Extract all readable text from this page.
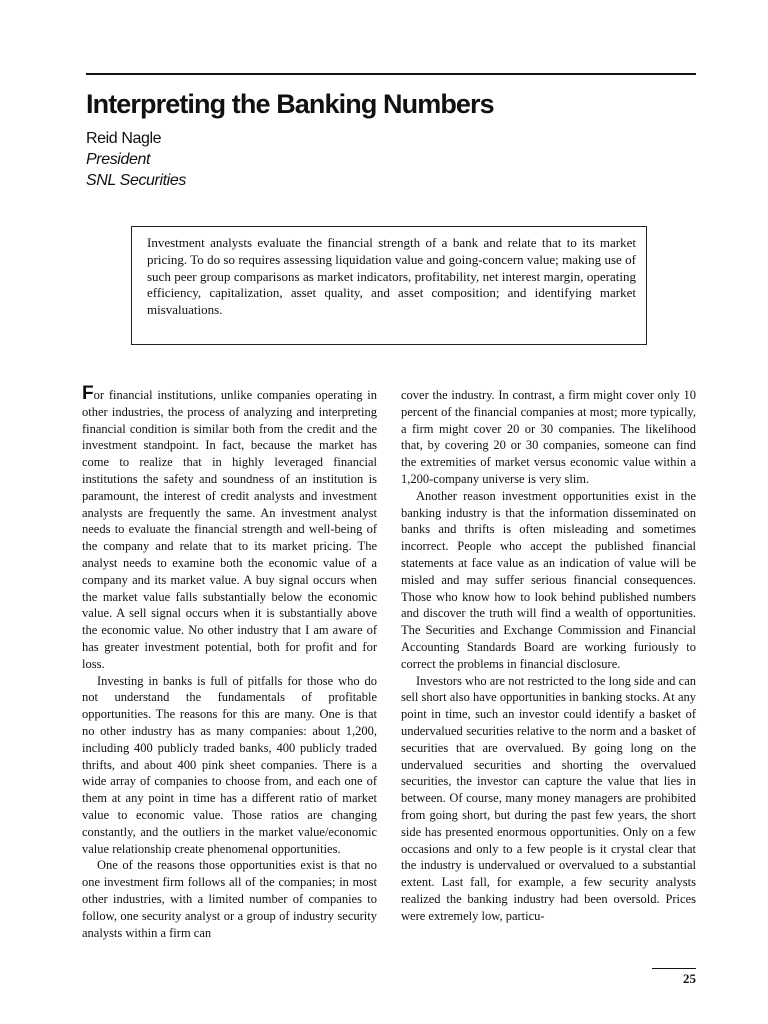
Interpreting the Banking Numbers
Reid Nagle
President
SNL Securities

Investment analysts evaluate the financial strength of a bank and relate that to its market pricing. To do so requires assessing liquidation value and going-concern value; making use of such peer group comparisons as market indicators, profitability, net interest margin, operating efficiency, capitalization, asset quality, and asset composition; and identifying market misvaluations.

For financial institutions, unlike companies operating in other industries, the process of analyzing and interpreting financial condition is similar both from the credit and the investment standpoint. In fact, because the market has come to realize that in highly leveraged financial institutions the safety and soundness of an institution is paramount, the interest of credit analysts and investment analysts are frequently the same. An investment analyst needs to evaluate the financial strength and well-being of the company and relate that to its market pricing. The analyst needs to examine both the economic value of a company and its market value. A buy signal occurs when the market value falls substantially below the economic value. A sell signal occurs when it is substantially above the economic value. No other industry that I am aware of has greater investment potential, both for profit and for loss.

Investing in banks is full of pitfalls for those who do not understand the fundamentals of profitable opportunities. The reasons for this are many. One is that no other industry has as many companies: about 1,200, including 400 publicly traded banks, 400 publicly traded thrifts, and about 400 pink sheet companies. There is a wide array of companies to choose from, and each one of them at any point in time has a different ratio of market value to economic value. Those ratios are changing constantly, and the outliers in the market value/economic value relationship create phenomenal opportunities.

One of the reasons those opportunities exist is that no one investment firm follows all of the companies; in most other industries, with a limited number of companies to follow, one security analyst or a group of industry security analysts within a firm can

cover the industry. In contrast, a firm might cover only 10 percent of the financial companies at most; more typically, a firm might cover 20 or 30 companies. The likelihood that, by covering 20 or 30 companies, someone can find the extremities of market versus economic value within a 1,200-company universe is very slim.

Another reason investment opportunities exist in the banking industry is that the information disseminated on banks and thrifts is often misleading and sometimes incorrect. People who accept the published financial statements at face value as an indication of value will be misled and may suffer serious financial consequences. Those who know how to look behind published numbers and discover the truth will find a wealth of opportunities. The Securities and Exchange Commission and Financial Accounting Standards Board are working furiously to correct the problems in financial disclosure.

Investors who are not restricted to the long side and can sell short also have opportunities in banking stocks. At any point in time, such an investor could identify a basket of undervalued securities relative to the norm and a basket of securities that are overvalued. By going long on the undervalued securities and shorting the overvalued securities, the investor can capture the value that lies in between. Of course, many money managers are prohibited from going short, but during the past few years, the short side has presented enormous opportunities. Only on a few occasions and only to a few people is it crystal clear that the industry is undervalued or overvalued to a substantial extent. Last fall, for example, a few security analysts realized the banking industry had been oversold. Prices were extremely low, particu-

25
